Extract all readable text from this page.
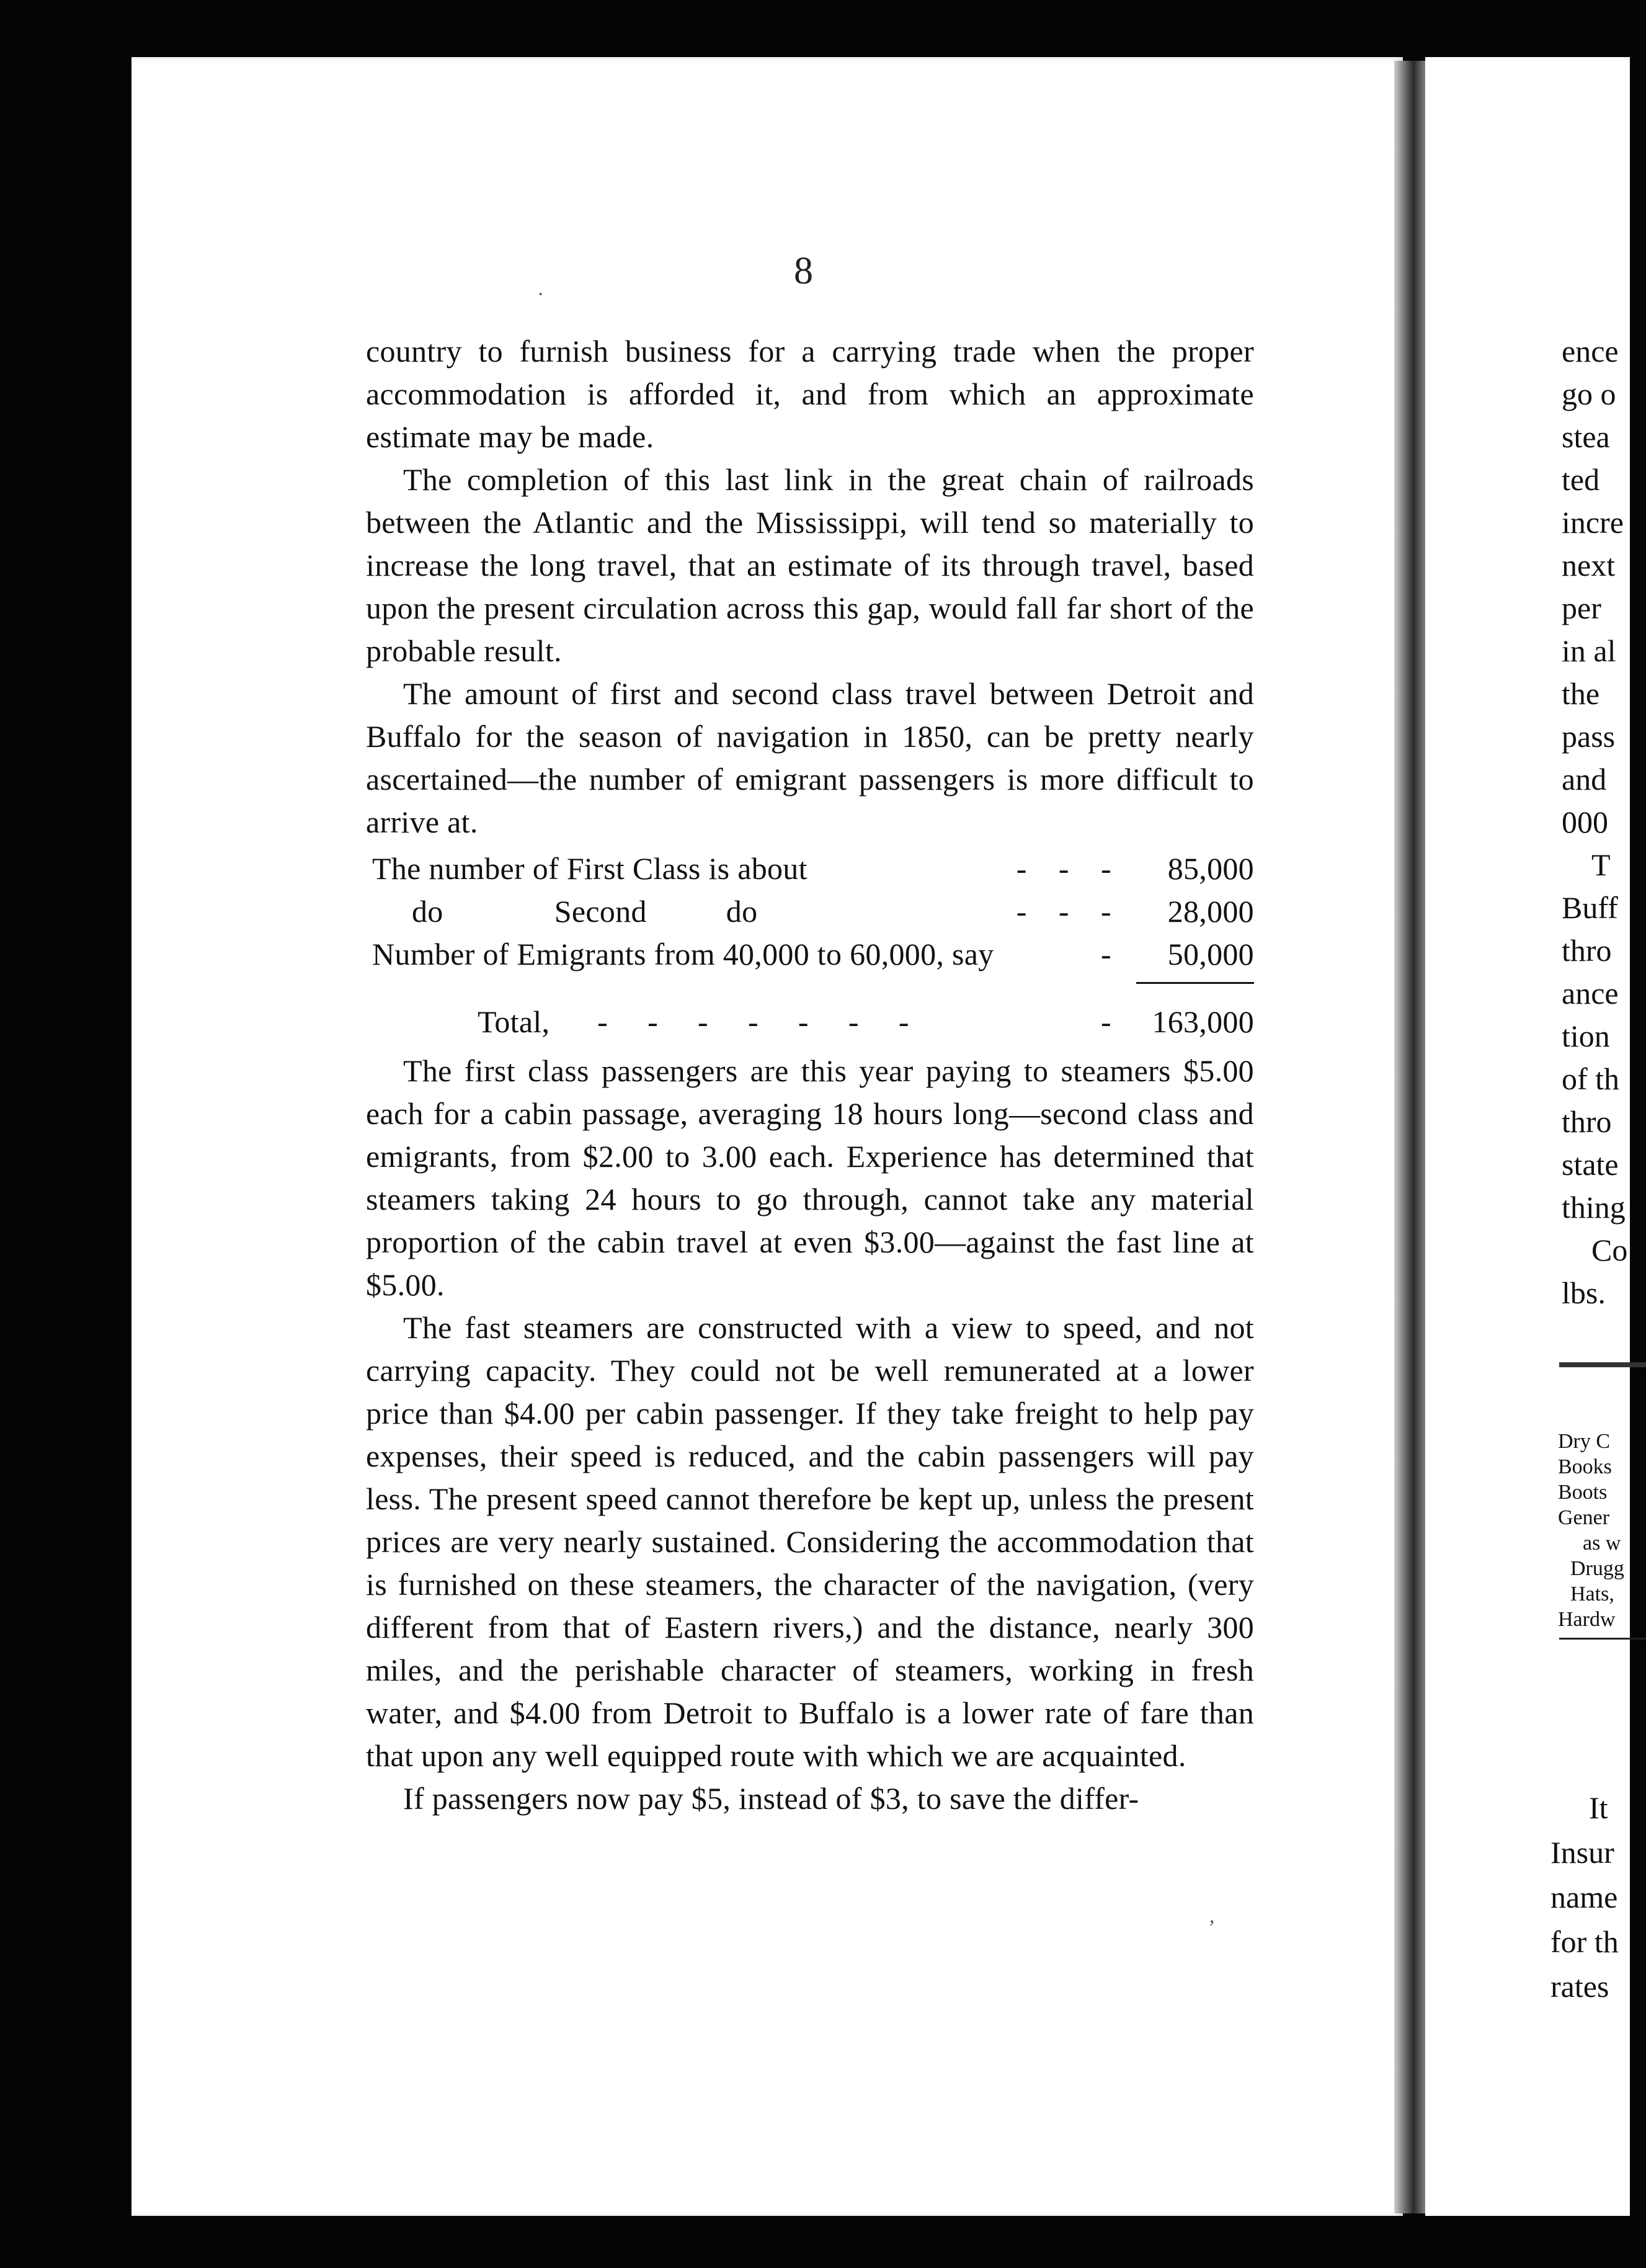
8
·

country to furnish business for a carrying trade when the proper accommodation is afforded it, and from which an approximate estimate may be made.

The completion of this last link in the great chain of railroads between the Atlantic and the Mississippi, will tend so materially to increase the long travel, that an estimate of its through travel, based upon the present circulation across this gap, would fall far short of the probable result.

The amount of first and second class travel between Detroit and Buffalo for the season of navigation in 1850, can be pretty nearly ascertained—the number of emigrant passengers is more difficult to arrive at.

The number of First Class is about	-    -    -	85,000
do              Second          do	-    -    -	28,000
Number of Emigrants from 40,000 to 60,000, say	-	50,000
Total,      -     -     -     -     -     -     -	-	163,000

The first class passengers are this year paying to steamers $5.00 each for a cabin passage, averaging 18 hours long—second class and emigrants, from $2.00 to 3.00 each. Experience has determined that steamers taking 24 hours to go through, cannot take any material proportion of the cabin travel at even $3.00—against the fast line at $5.00.

The fast steamers are constructed with a view to speed, and not carrying capacity. They could not be well remunerated at a lower price than $4.00 per cabin passenger. If they take freight to help pay expenses, their speed is reduced, and the cabin passengers will pay less. The present speed cannot therefore be kept up, unless the present prices are very nearly sustained. Considering the accommodation that is furnished on these steamers, the character of the navigation, (very different from that of Eastern rivers,) and the distance, nearly 300 miles, and the perishable character of steamers, working in fresh water, and $4.00 from Detroit to Buffalo is a lower rate of fare than that upon any well equipped route with which we are acquainted.

If passengers now pay $5, instead of $3, to save the differ-

,
ence
go o
stea
ted
incre
next
per
in al
the
pass
and
000
T
Buff
thro
ance
tion
of th
thro
state
thing
Co
lbs.
Dry C
Books
Boots
Gener
as w
Drugg
Hats,
Hardw
It
Insur
name
for th
rates
